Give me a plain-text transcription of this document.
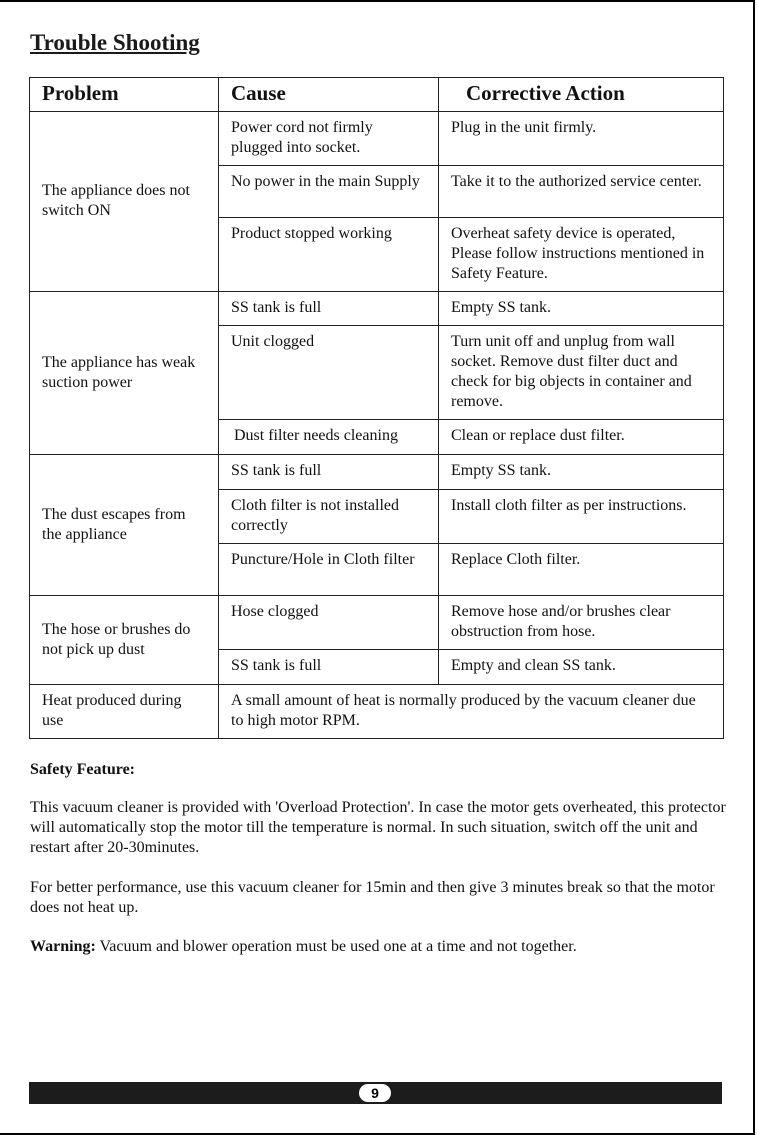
Trouble Shooting
Problem	Cause	Corrective Action
The appliance does not switch ON	Power cord not firmly plugged into socket.	Plug in the unit firmly.
	No power in the main Supply	Take it to the authorized service center.
	Product stopped working	Overheat safety device is operated, Please follow instructions mentioned in Safety Feature.
The appliance has weak suction power	SS tank is full	Empty SS tank.
	Unit clogged	Turn unit off and unplug from wall socket. Remove dust filter duct and check for big objects in container and remove.
	Dust filter needs cleaning	Clean or replace dust filter.
The dust escapes from the appliance	SS tank is full	Empty SS tank.
	Cloth filter is not installed correctly	Install cloth filter as per instructions.
	Puncture/Hole in Cloth filter	Replace Cloth filter.
The hose or brushes do not pick up dust	Hose clogged	Remove hose and/or brushes clear obstruction from hose.
	SS tank is full	Empty and clean SS tank.
Heat produced during use	A small amount of heat is normally produced by the vacuum cleaner due to high motor RPM.	
Safety Feature:
This vacuum cleaner is provided with 'Overload Protection'. In case the motor gets overheated, this protector will automatically stop the motor till the temperature is normal. In such situation, switch off the unit and restart after 20-30minutes.
For better performance, use this vacuum cleaner for 15min and then give 3 minutes break so that the motor does not heat up.
Warning: Vacuum and blower operation must be used one at a time and not together.
9
